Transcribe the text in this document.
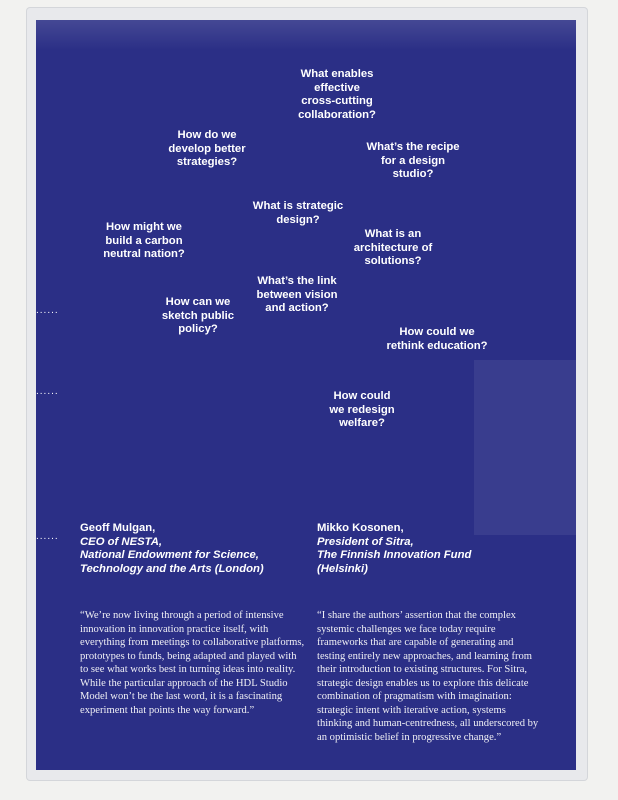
What enables
effective
cross-cutting
collaboration?
How do we
develop better
strategies?
What’s the recipe
for a design
studio?
What is strategic
design?
How might we
build a carbon
neutral nation?
What is an
architecture of
solutions?
What’s the link
between vision
and action?
How can we
sketch public
policy?	How could we
rethink education?
How could
we redesign
welfare?
......
......
......
Geoff Mulgan,
CEO of NESTA,
National Endowment for Science,
Technology and the Arts (London)
Mikko Kosonen,
President of Sitra,
The Finnish Innovation Fund
(Helsinki)
“We’re now living through a period of intensive innovation in innovation practice itself, with everything from meetings to collaborative platforms, prototypes to funds, being adapted and played with to see what works best in turning ideas into reality. While the particular approach of the HDL Studio Model won’t be the last word, it is a fascinating experiment that points the way forward.”
“I share the authors’ assertion that the complex systemic challenges we face today require frameworks that are capable of generating and testing entirely new approaches, and learning from their introduction to existing structures. For Sitra, strategic design enables us to explore this delicate combination of pragmatism with imagination: strategic intent with iterative action, systems thinking and human-centredness, all underscored by an optimistic belief in progressive change.”
